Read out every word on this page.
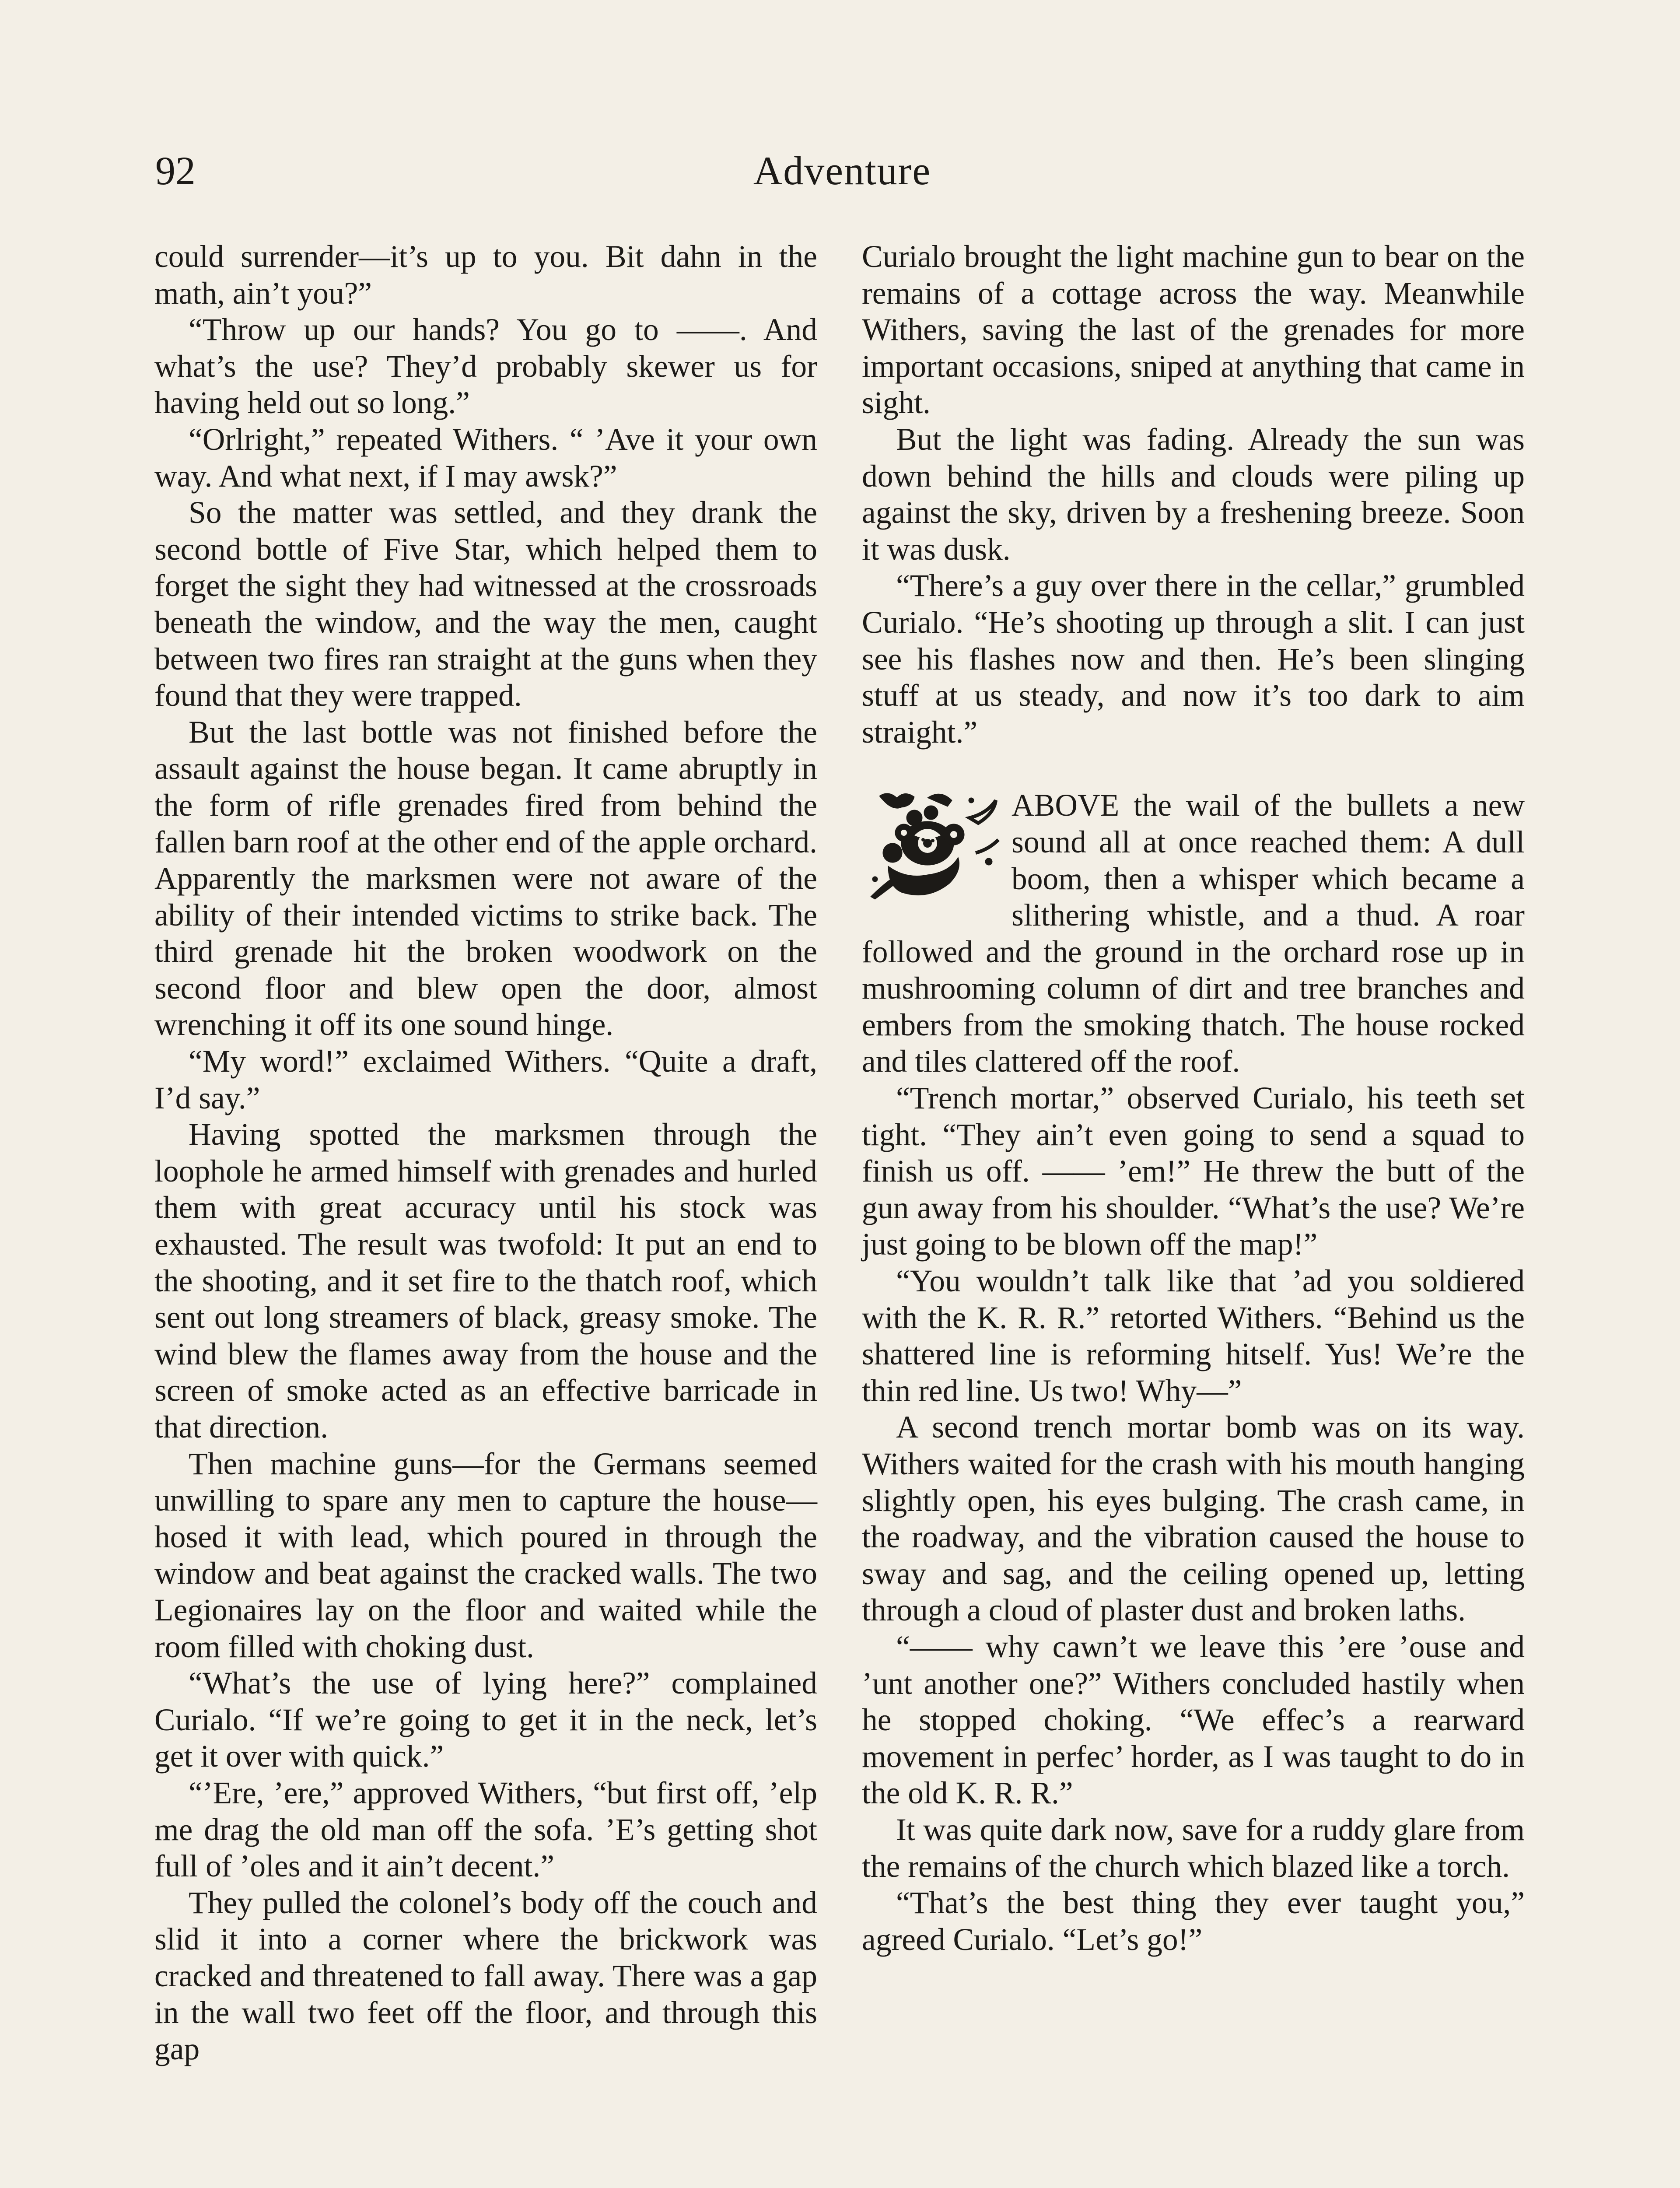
92	Adventure

could surrender—it’s up to you. Bit dahn in the math, ain’t you?”

“Throw up our hands? You go to ——. And what’s the use? They’d probably skewer us for having held out so long.”

“Orlright,” repeated Withers. “ ’Ave it your own way. And what next, if I may awsk?”

So the matter was settled, and they drank the second bottle of Five Star, which helped them to forget the sight they had witnessed at the crossroads beneath the window, and the way the men, caught between two fires ran straight at the guns when they found that they were trapped.

But the last bottle was not finished before the assault against the house began. It came abruptly in the form of rifle grenades fired from behind the fallen barn roof at the other end of the apple orchard. Apparently the marksmen were not aware of the ability of their intended victims to strike back. The third grenade hit the broken woodwork on the second floor and blew open the door, almost wrenching it off its one sound hinge.

“My word!” exclaimed Withers. “Quite a draft, I’d say.”

Having spotted the marksmen through the loophole he armed himself with grenades and hurled them with great accuracy until his stock was exhausted. The result was twofold: It put an end to the shooting, and it set fire to the thatch roof, which sent out long streamers of black, greasy smoke. The wind blew the flames away from the house and the screen of smoke acted as an effective barricade in that direction.

Then machine guns—for the Germans seemed unwilling to spare any men to capture the house—hosed it with lead, which poured in through the window and beat against the cracked walls. The two Legionaires lay on the floor and waited while the room filled with choking dust.

“What’s the use of lying here?” complained Curialo. “If we’re going to get it in the neck, let’s get it over with quick.”

“’Ere, ’ere,” approved Withers, “but first off, ’elp me drag the old man off the sofa. ’E’s getting shot full of ’oles and it ain’t decent.”

They pulled the colonel’s body off the couch and slid it into a corner where the brickwork was cracked and threatened to fall away. There was a gap in the wall two feet off the floor, and through this gap

Curialo brought the light machine gun to bear on the remains of a cottage across the way. Meanwhile Withers, saving the last of the grenades for more important occasions, sniped at anything that came in sight.

But the light was fading. Already the sun was down behind the hills and clouds were piling up against the sky, driven by a freshening breeze. Soon it was dusk.

“There’s a guy over there in the cellar,” grumbled Curialo. “He’s shooting up through a slit. I can just see his flashes now and then. He’s been slinging stuff at us steady, and now it’s too dark to aim straight.”

ABOVE the wail of the bullets a new sound all at once reached them: A dull boom, then a whisper which became a slithering whistle, and a thud. A roar followed and the ground in the orchard rose up in mushrooming column of dirt and tree branches and embers from the smoking thatch. The house rocked and tiles clattered off the roof.

“Trench mortar,” observed Curialo, his teeth set tight. “They ain’t even going to send a squad to finish us off. —— ’em!” He threw the butt of the gun away from his shoulder. “What’s the use? We’re just going to be blown off the map!”

“You wouldn’t talk like that ’ad you soldiered with the K. R. R.” retorted Withers. “Behind us the shattered line is reforming hitself. Yus! We’re the thin red line. Us two! Why—”

A second trench mortar bomb was on its way. Withers waited for the crash with his mouth hanging slightly open, his eyes bulging. The crash came, in the roadway, and the vibration caused the house to sway and sag, and the ceiling opened up, letting through a cloud of plaster dust and broken laths.

“—— why cawn’t we leave this ’ere ’ouse and ’unt another one?” Withers concluded hastily when he stopped choking. “We effec’s a rearward movement in perfec’ horder, as I was taught to do in the old K. R. R.”

It was quite dark now, save for a ruddy glare from the remains of the church which blazed like a torch.

“That’s the best thing they ever taught you,” agreed Curialo. “Let’s go!”
